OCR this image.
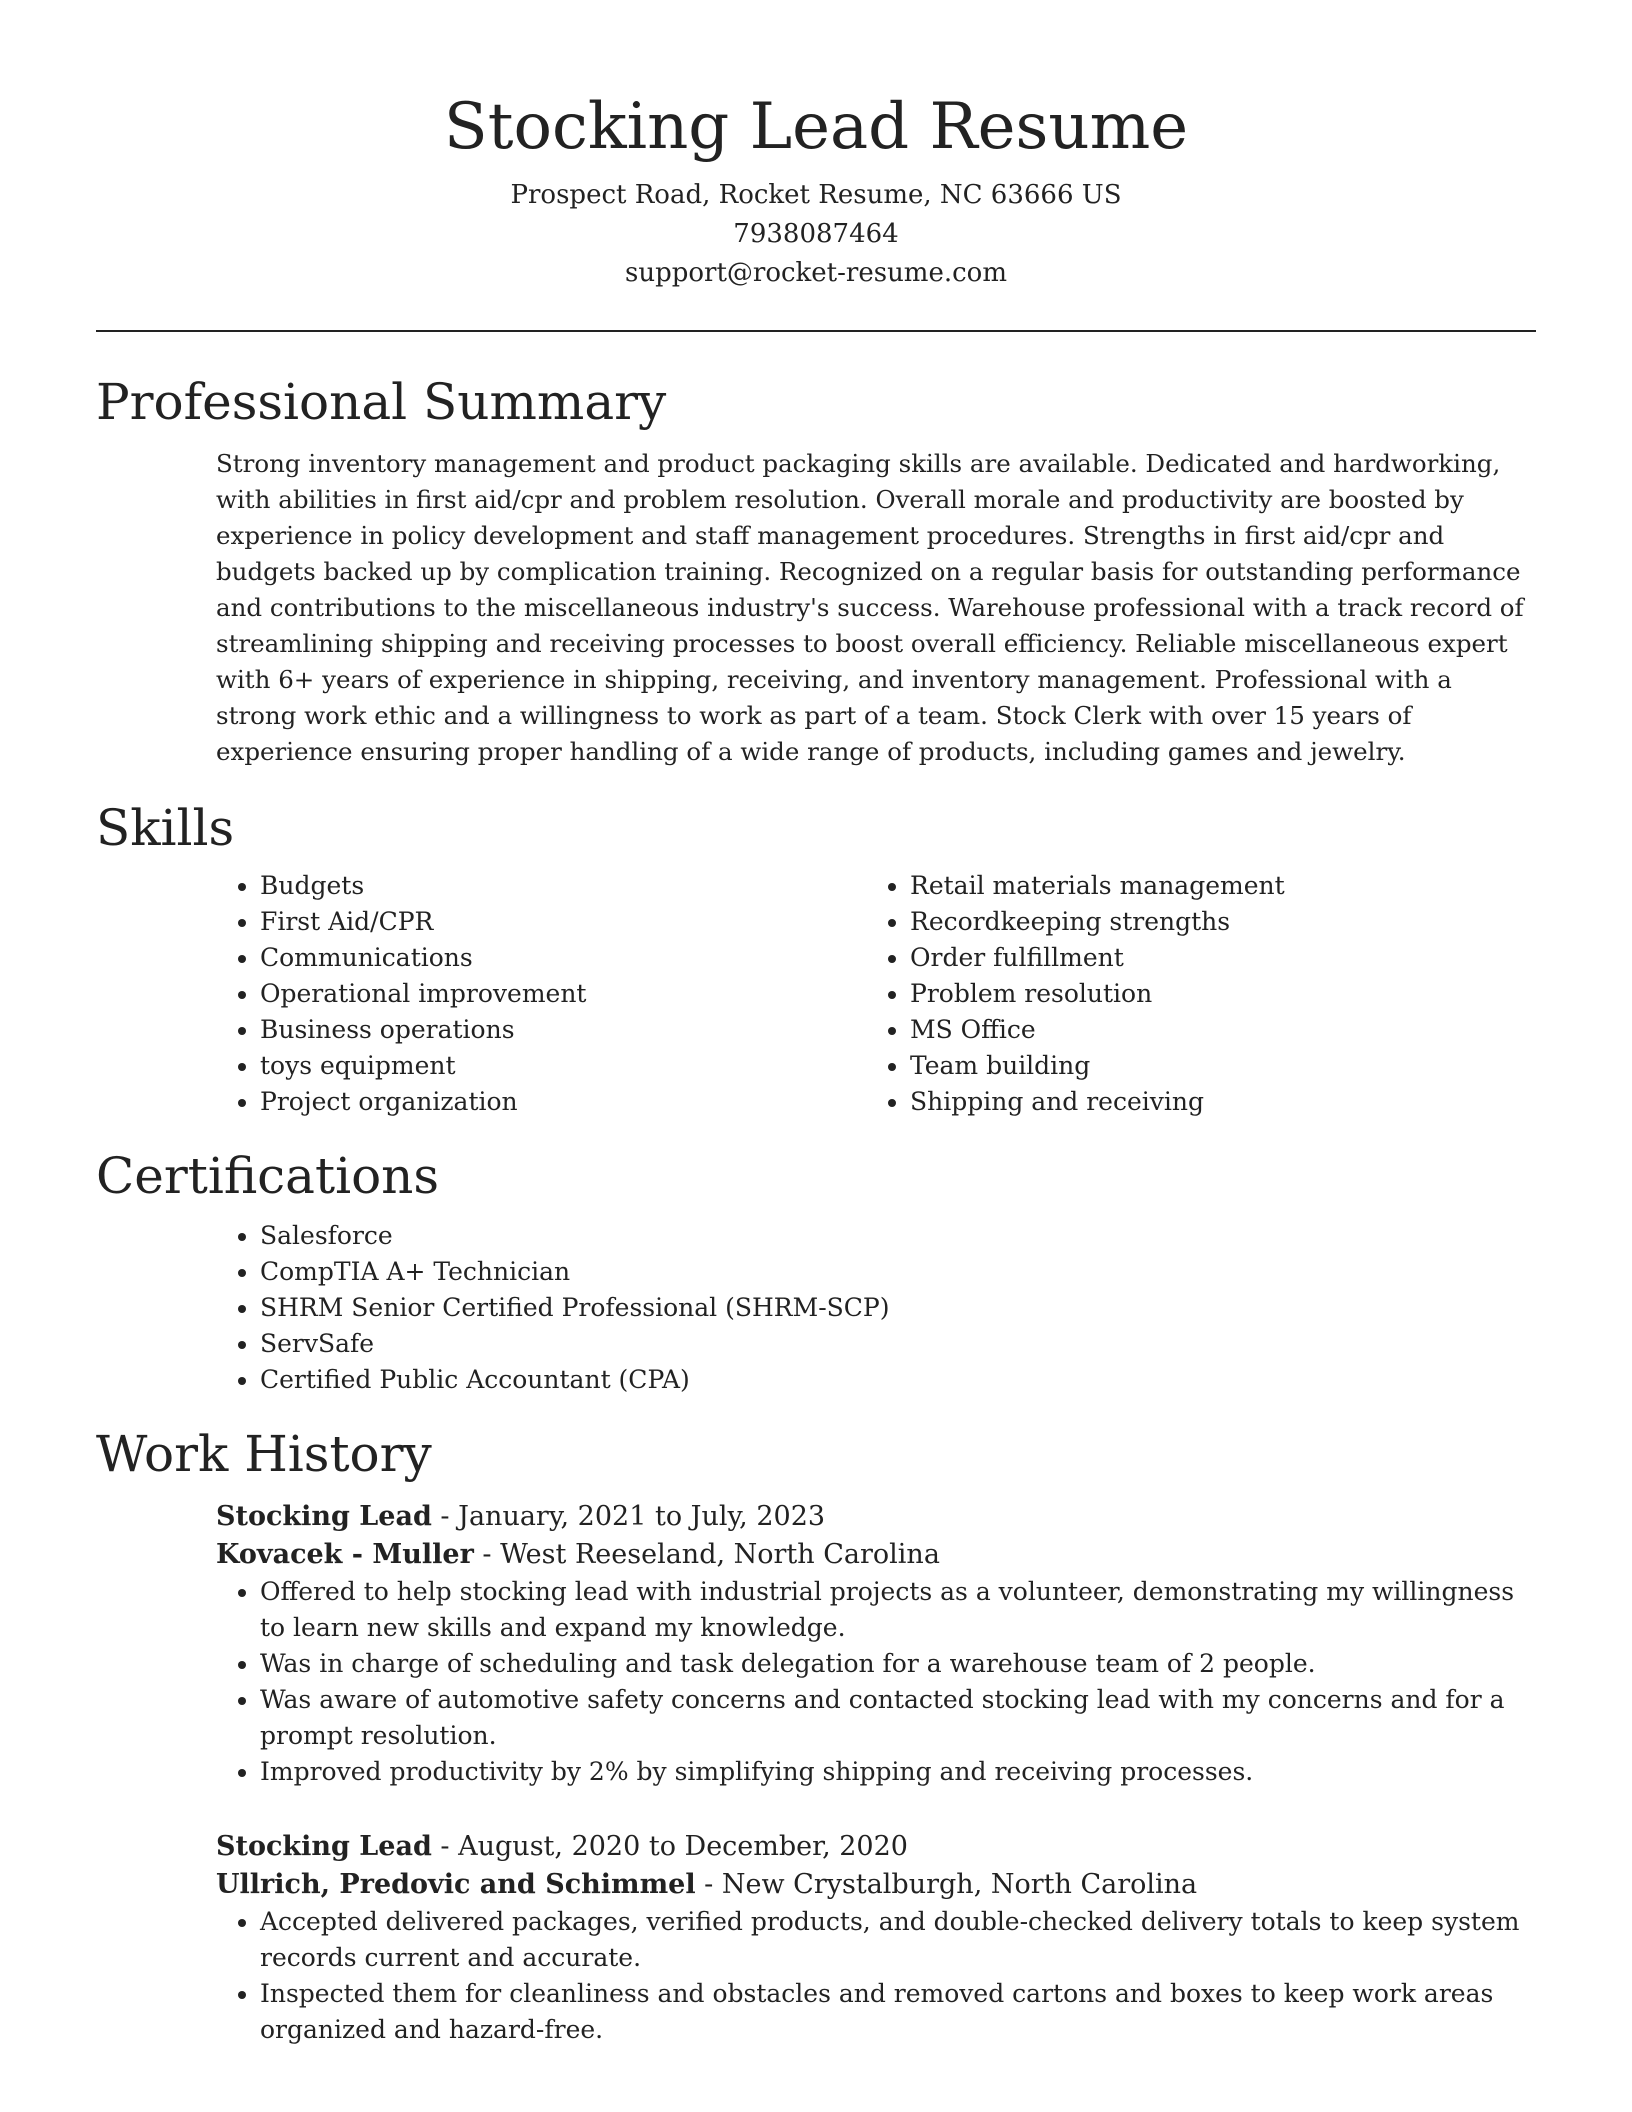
Stocking Lead Resume
Prospect Road, Rocket Resume, NC 63666 US
7938087464
support@rocket-resume.com
Professional Summary
Strong inventory management and product packaging skills are available. Dedicated and hardworking, with abilities in first aid/cpr and problem resolution. Overall morale and productivity are boosted by experience in policy development and staff management procedures. Strengths in first aid/cpr and budgets backed up by complication training. Recognized on a regular basis for outstanding performance and contributions to the miscellaneous industry's success. Warehouse professional with a track record of streamlining shipping and receiving processes to boost overall efficiency. Reliable miscellaneous expert with 6+ years of experience in shipping, receiving, and inventory management. Professional with a strong work ethic and a willingness to work as part of a team. Stock Clerk with over 15 years of experience ensuring proper handling of a wide range of products, including games and jewelry.
Skills
• Budgets
• First Aid/CPR
• Communications
• Operational improvement
• Business operations
• toys equipment
• Project organization
• Retail materials management
• Recordkeeping strengths
• Order fulfillment
• Problem resolution
• MS Office
• Team building
• Shipping and receiving
Certifications
• Salesforce
• CompTIA A+ Technician
• SHRM Senior Certified Professional (SHRM-SCP)
• ServSafe
• Certified Public Accountant (CPA)
Work History
Stocking Lead - January, 2021 to July, 2023
Kovacek - Muller - West Reeseland, North Carolina
• Offered to help stocking lead with industrial projects as a volunteer, demonstrating my willingness to learn new skills and expand my knowledge.
• Was in charge of scheduling and task delegation for a warehouse team of 2 people.
• Was aware of automotive safety concerns and contacted stocking lead with my concerns and for a prompt resolution.
• Improved productivity by 2% by simplifying shipping and receiving processes.
Stocking Lead - August, 2020 to December, 2020
Ullrich, Predovic and Schimmel - New Crystalburgh, North Carolina
• Accepted delivered packages, verified products, and double-checked delivery totals to keep system records current and accurate.
• Inspected them for cleanliness and obstacles and removed cartons and boxes to keep work areas organized and hazard-free.
